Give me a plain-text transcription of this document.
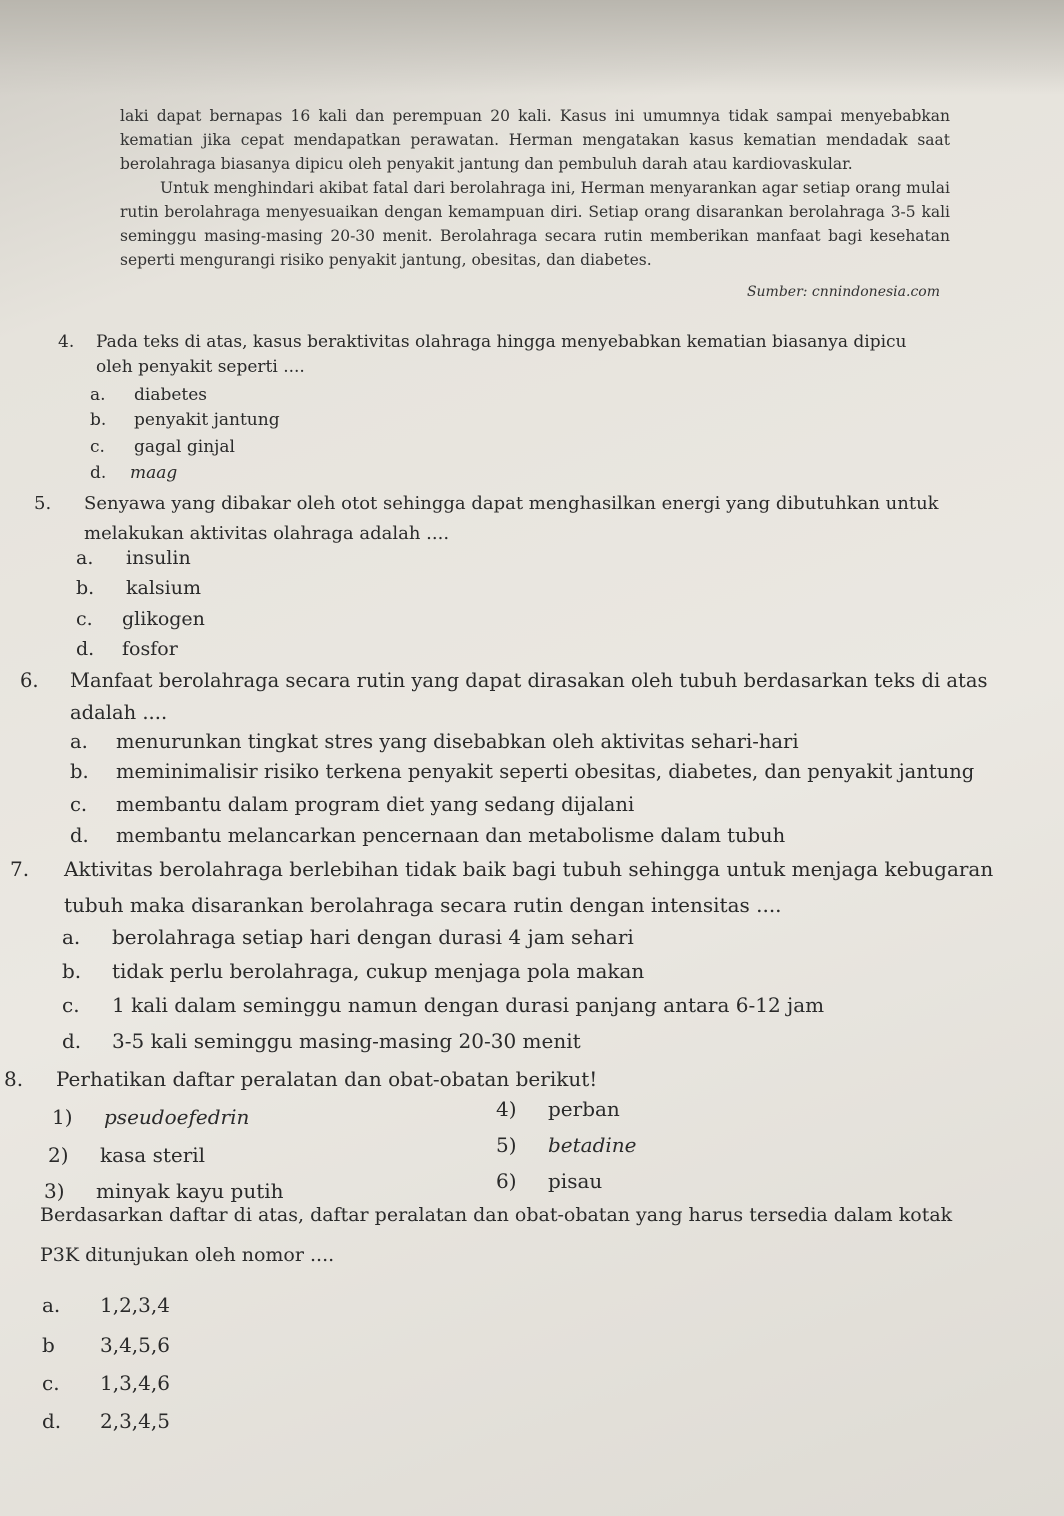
laki dapat bernapas 16 kali dan perempuan 20 kali. Kasus ini umumnya tidak sampai menyebabkan kematian jika cepat mendapatkan perawatan. Herman mengatakan kasus kematian mendadak saat berolahraga biasanya dipicu oleh penyakit jantung dan pembuluh darah atau kardiovaskular.

Untuk menghindari akibat fatal dari berolahraga ini, Herman menyarankan agar setiap orang mulai rutin berolahraga menyesuaikan dengan kemampuan diri. Setiap orang disarankan berolahraga 3-5 kali seminggu masing-masing 20-30 menit. Berolahraga secara rutin memberikan manfaat bagi kesehatan seperti mengurangi risiko penyakit jantung, obesitas, dan diabetes.

Sumber: cnnindonesia.com
4. Pada teks di atas, kasus beraktivitas olahraga hingga menyebabkan kematian biasanya dipicu
oleh penyakit seperti ....
a. diabetes
b. penyakit jantung
c. gagal ginjal
d. maag
5. Senyawa yang dibakar oleh otot sehingga dapat menghasilkan energi yang dibutuhkan untuk
melakukan aktivitas olahraga adalah ....
a. insulin
b. kalsium
c. glikogen
d. fosfor
6. Manfaat berolahraga secara rutin yang dapat dirasakan oleh tubuh berdasarkan teks di atas
adalah ....
a. menurunkan tingkat stres yang disebabkan oleh aktivitas sehari-hari
b. meminimalisir risiko terkena penyakit seperti obesitas, diabetes, dan penyakit jantung
c. membantu dalam program diet yang sedang dijalani
d. membantu melancarkan pencernaan dan metabolisme dalam tubuh
7. Aktivitas berolahraga berlebihan tidak baik bagi tubuh sehingga untuk menjaga kebugaran
tubuh maka disarankan berolahraga secara rutin dengan intensitas ....
a. berolahraga setiap hari dengan durasi 4 jam sehari
b. tidak perlu berolahraga, cukup menjaga pola makan
c. 1 kali dalam seminggu namun dengan durasi panjang antara 6-12 jam
d. 3-5 kali seminggu masing-masing 20-30 menit
8. Perhatikan daftar peralatan dan obat-obatan berikut!
1) pseudoefedrin
2) kasa steril
3) minyak kayu putih
4) perban
5) betadine
6) pisau
Berdasarkan daftar di atas, daftar peralatan dan obat-obatan yang harus tersedia dalam kotak
P3K ditunjukan oleh nomor ....
a. 1,2,3,4
b 3,4,5,6
c. 1,3,4,6
d. 2,3,4,5
